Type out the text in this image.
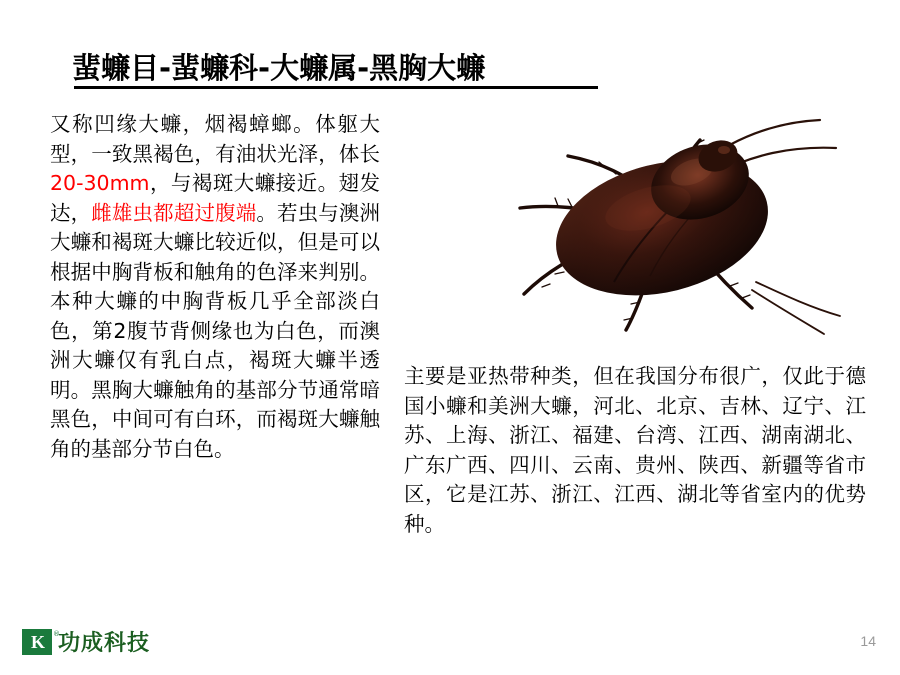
蜚蠊目-蜚蠊科-大蠊属-黑胸大蠊

又称凹缘大蠊，烟褐蟑螂。体躯大型，一致黑褐色，有油状光泽，体长20-30mm，与褐斑大蠊接近。翅发达，雌雄虫都超过腹端。若虫与澳洲大蠊和褐斑大蠊比较近似，但是可以根据中胸背板和触角的色泽来判别。本种大蠊的中胸背板几乎全部淡白色，第2腹节背侧缘也为白色，而澳洲大蠊仅有乳白点，褐斑大蠊半透明。黑胸大蠊触角的基部分节通常暗黑色，中间可有白环，而褐斑大蠊触角的基部分节白色。

主要是亚热带种类，但在我国分布很广，仅此于德国小蠊和美洲大蠊，河北、北京、吉林、辽宁、江苏、上海、浙江、福建、台湾、江西、湖南湖北、广东广西、四川、云南、贵州、陕西、新疆等省市区，它是江苏、浙江、江西、湖北等省室内的优势种。

K	®
功成科技	14
